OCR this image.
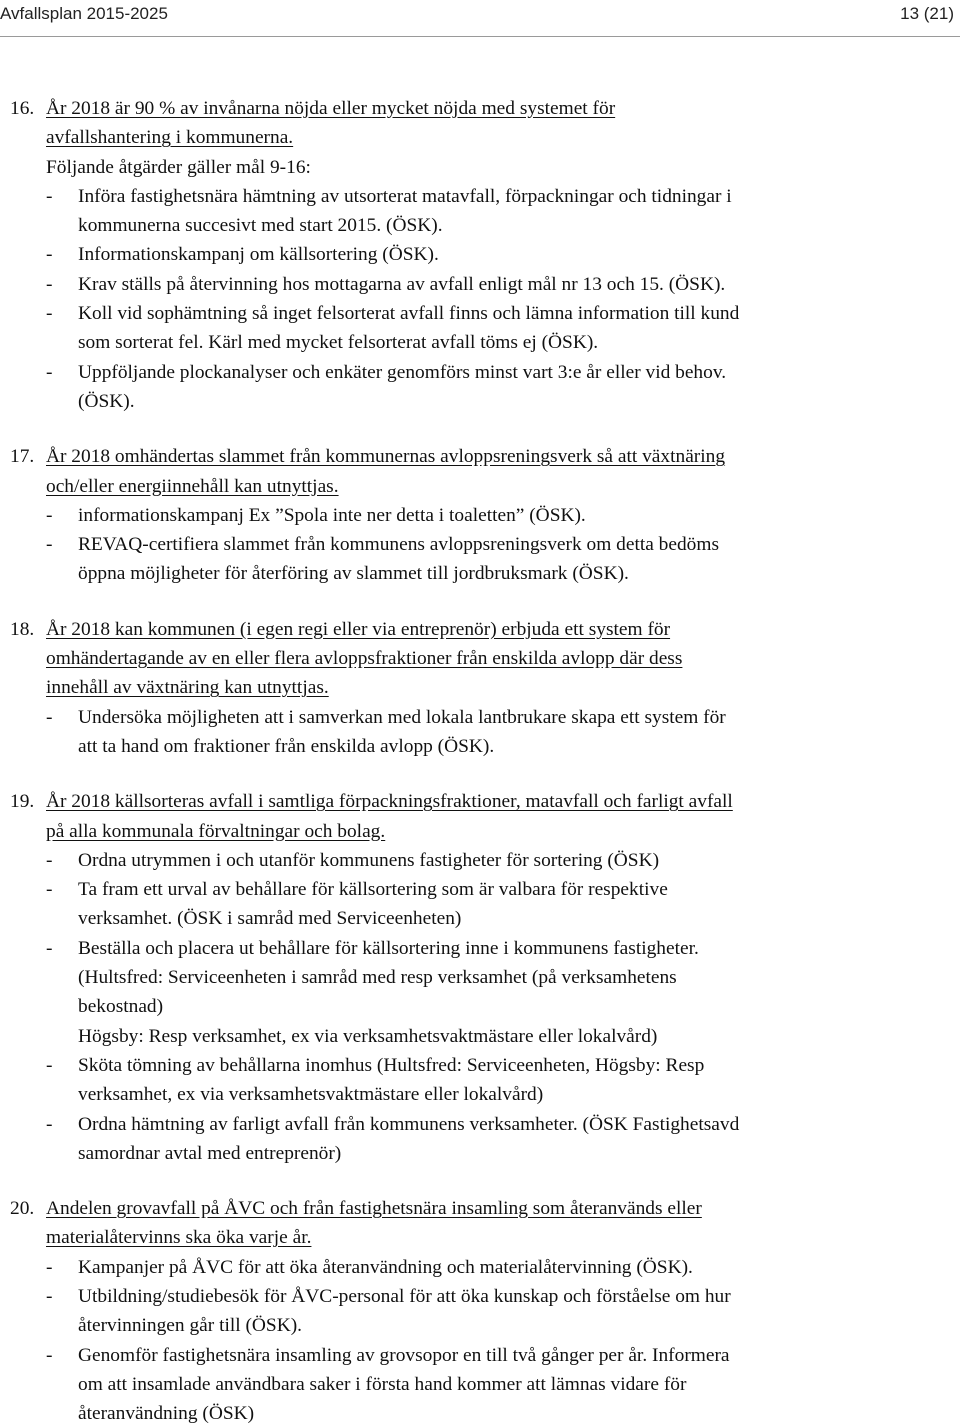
Avfallsplan 2015-2025	13 (21)
16. År 2018 är 90 % av invånarna nöjda eller mycket nöjda med systemet för
avfallshantering i kommunerna.
Följande åtgärder gäller mål 9-16:
- Införa fastighetsnära hämtning av utsorterat matavfall, förpackningar och tidningar i
kommunerna succesivt med start 2015. (ÖSK).
- Informationskampanj om källsortering (ÖSK).
- Krav ställs på återvinning hos mottagarna av avfall enligt mål nr 13 och 15. (ÖSK).
- Koll vid sophämtning så inget felsorterat avfall finns och lämna information till kund
som sorterat fel. Kärl med mycket felsorterat avfall töms ej (ÖSK).
- Uppföljande plockanalyser och enkäter genomförs minst vart 3:e år eller vid behov.
(ÖSK).
17. År 2018 omhändertas slammet från kommunernas avloppsreningsverk så att växtnäring
och/eller energiinnehåll kan utnyttjas.
- informationskampanj Ex ”Spola inte ner detta i toaletten” (ÖSK).
- REVAQ-certifiera slammet från kommunens avloppsreningsverk om detta bedöms
öppna möjligheter för återföring av slammet till jordbruksmark (ÖSK).
18. År 2018 kan kommunen (i egen regi eller via entreprenör) erbjuda ett system för
omhändertagande av en eller flera avloppsfraktioner från enskilda avlopp där dess
innehåll av växtnäring kan utnyttjas.
- Undersöka möjligheten att i samverkan med lokala lantbrukare skapa ett system för
att ta hand om fraktioner från enskilda avlopp (ÖSK).
19. År 2018 källsorteras avfall i samtliga förpackningsfraktioner, matavfall och farligt avfall
på alla kommunala förvaltningar och bolag.
- Ordna utrymmen i och utanför kommunens fastigheter för sortering (ÖSK)
- Ta fram ett urval av behållare för källsortering som är valbara för respektive
verksamhet. (ÖSK i samråd med Serviceenheten)
- Beställa och placera ut behållare för källsortering inne i kommunens fastigheter.
(Hultsfred: Serviceenheten i samråd med resp verksamhet (på verksamhetens
bekostnad)
Högsby: Resp verksamhet, ex via verksamhetsvaktmästare eller lokalvård)
- Sköta tömning av behållarna inomhus (Hultsfred: Serviceenheten, Högsby: Resp
verksamhet, ex via verksamhetsvaktmästare eller lokalvård)
- Ordna hämtning av farligt avfall från kommunens verksamheter. (ÖSK Fastighetsavd
samordnar avtal med entreprenör)
20. Andelen grovavfall på ÅVC och från fastighetsnära insamling som återanvänds eller
materialåtervinns ska öka varje år.
- Kampanjer på ÅVC för att öka återanvändning och materialåtervinning (ÖSK).
- Utbildning/studiebesök för ÅVC-personal för att öka kunskap och förståelse om hur
återvinningen går till (ÖSK).
- Genomför fastighetsnära insamling av grovsopor en till två gånger per år. Informera
om att insamlade användbara saker i första hand kommer att lämnas vidare för
återanvändning (ÖSK)
